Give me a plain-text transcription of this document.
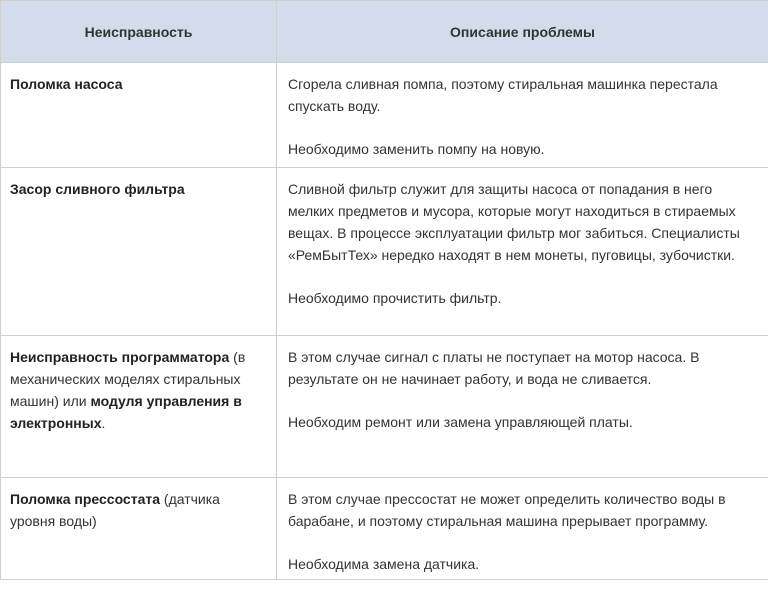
Неисправность	Описание проблемы
Поломка насоса	Сгорела сливная помпа, поэтому стиральная машинка перестала спускать воду.

Необходимо заменить помпу на новую.

Засор сливного фильтра	Сливной фильтр служит для защиты насоса от попадания в него мелких предметов и мусора, которые могут находиться в стираемых вещах. В процессе эксплуатации фильтр мог забиться. Специалисты «РемБытТех» нередко находят в нем монеты, пуговицы, зубочистки.

Необходимо прочистить фильтр.

Неисправность программатора (в механических моделях стиральных машин) или модуля управления в электронных.	В этом случае сигнал с платы не поступает на мотор насоса. В результате он не начинает работу, и вода не сливается.

Необходим ремонт или замена управляющей платы.

Поломка прессостата (датчика уровня воды)	В этом случае прессостат не может определить количество воды в барабане, и поэтому стиральная машина прерывает программу.

Необходима замена датчика.
